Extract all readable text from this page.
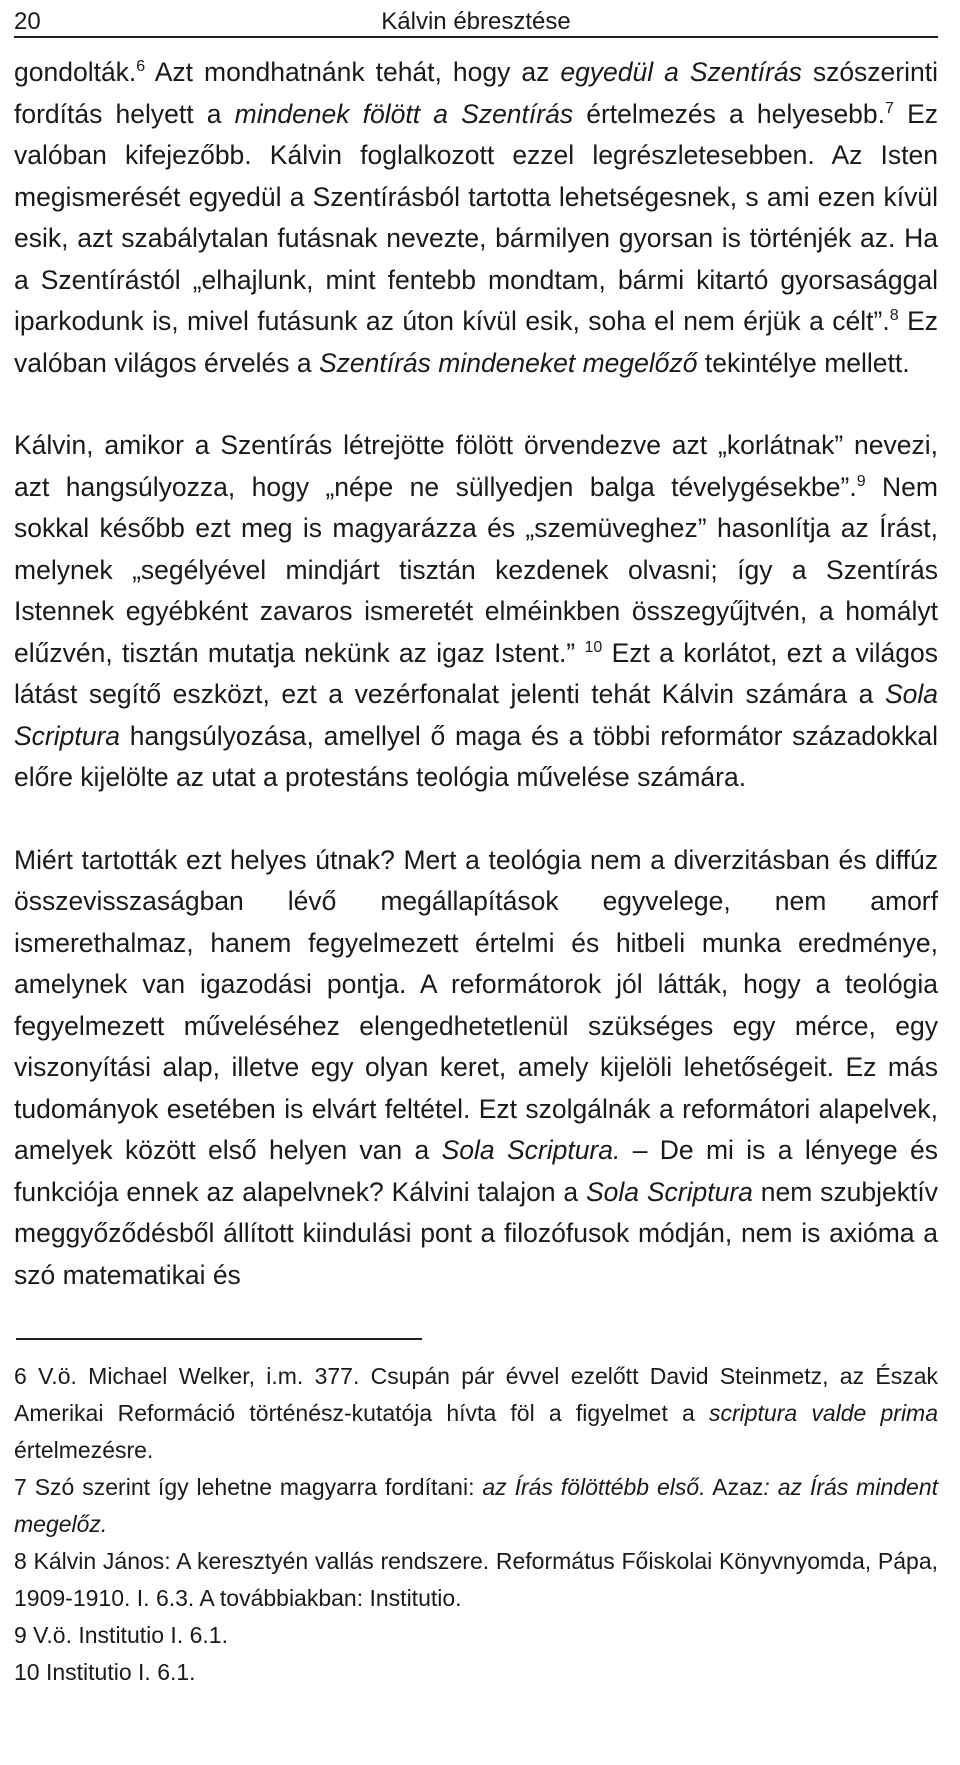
20	Kálvin ébresztése

gondolták.$^6$ Azt mondhatnánk tehát, hogy az egyedül a Szentírás szószerinti fordítás helyett a mindenek fölött a Szentírás értelmezés a helyesebb.$^7$ Ez valóban kifejezőbb. Kálvin foglalkozott ezzel legrészletesebben. Az Isten megismerését egyedül a Szentírásból tartotta lehetségesnek, s ami ezen kívül esik, azt szabálytalan futásnak nevezte, bármilyen gyorsan is történjék az. Ha a Szentírástól „elhajlunk, mint fentebb mondtam, bármi kitartó gyorsasággal iparkodunk is, mivel futásunk az úton kívül esik, soha el nem érjük a célt”.$^8$ Ez valóban világos érvelés a Szentírás mindeneket megelőző tekintélye mellett.

Kálvin, amikor a Szentírás létrejötte fölött örvendezve azt „korlátnak” nevezi, azt hangsúlyozza, hogy „népe ne süllyedjen balga tévelygésekbe”.$^9$ Nem sokkal később ezt meg is magyarázza és „szemüveghez” hasonlítja az Írást, melynek „segélyével mindjárt tisztán kezdenek olvasni; így a Szentírás Istennek egyébként zavaros ismeretét elméinkben összegyűjtvén, a homályt elűzvén, tisztán mutatja nekünk az igaz Istent.” $^{10}$ Ezt a korlátot, ezt a világos látást segítő eszközt, ezt a vezérfonalat jelenti tehát Kálvin számára a Sola Scriptura hangsúlyozása, amellyel ő maga és a többi reformátor századokkal előre kijelölte az utat a protestáns teológia művelése számára.

Miért tartották ezt helyes útnak? Mert a teológia nem a diverzitásban és diffúz összevisszaságban lévő megállapítások egyvelege, nem amorf ismerethalmaz, hanem fegyelmezett értelmi és hitbeli munka eredménye, amelynek van igazodási pontja. A reformátorok jól látták, hogy a teológia fegyelmezett műveléséhez elengedhetetlenül szükséges egy mérce, egy viszonyítási alap, illetve egy olyan keret, amely kijelöli lehetőségeit. Ez más tudományok esetében is elvárt feltétel. Ezt szolgálnák a reformátori alapelvek, amelyek között első helyen van a Sola Scriptura. – De mi is a lényege és funkciója ennek az alapelvnek? Kálvini talajon a Sola Scriptura nem szubjektív meggyőződésből állított kiindulási pont a filozófusok módján, nem is axióma a szó matematikai és

6 V.ö. Michael Welker, i.m. 377. Csupán pár évvel ezelőtt David Steinmetz, az Észak Amerikai Reformáció történész-kutatója hívta föl a figyelmet a scriptura valde prima értelmezésre.

7 Szó szerint így lehetne magyarra fordítani: az Írás fölöttébb első. Azaz: az Írás mindent megelőz.

8 Kálvin János: A keresztyén vallás rendszere. Református Főiskolai Könyvnyomda, Pápa, 1909-1910. I. 6.3. A továbbiakban: Institutio.

9 V.ö. Institutio I. 6.1.

10 Institutio I. 6.1.
